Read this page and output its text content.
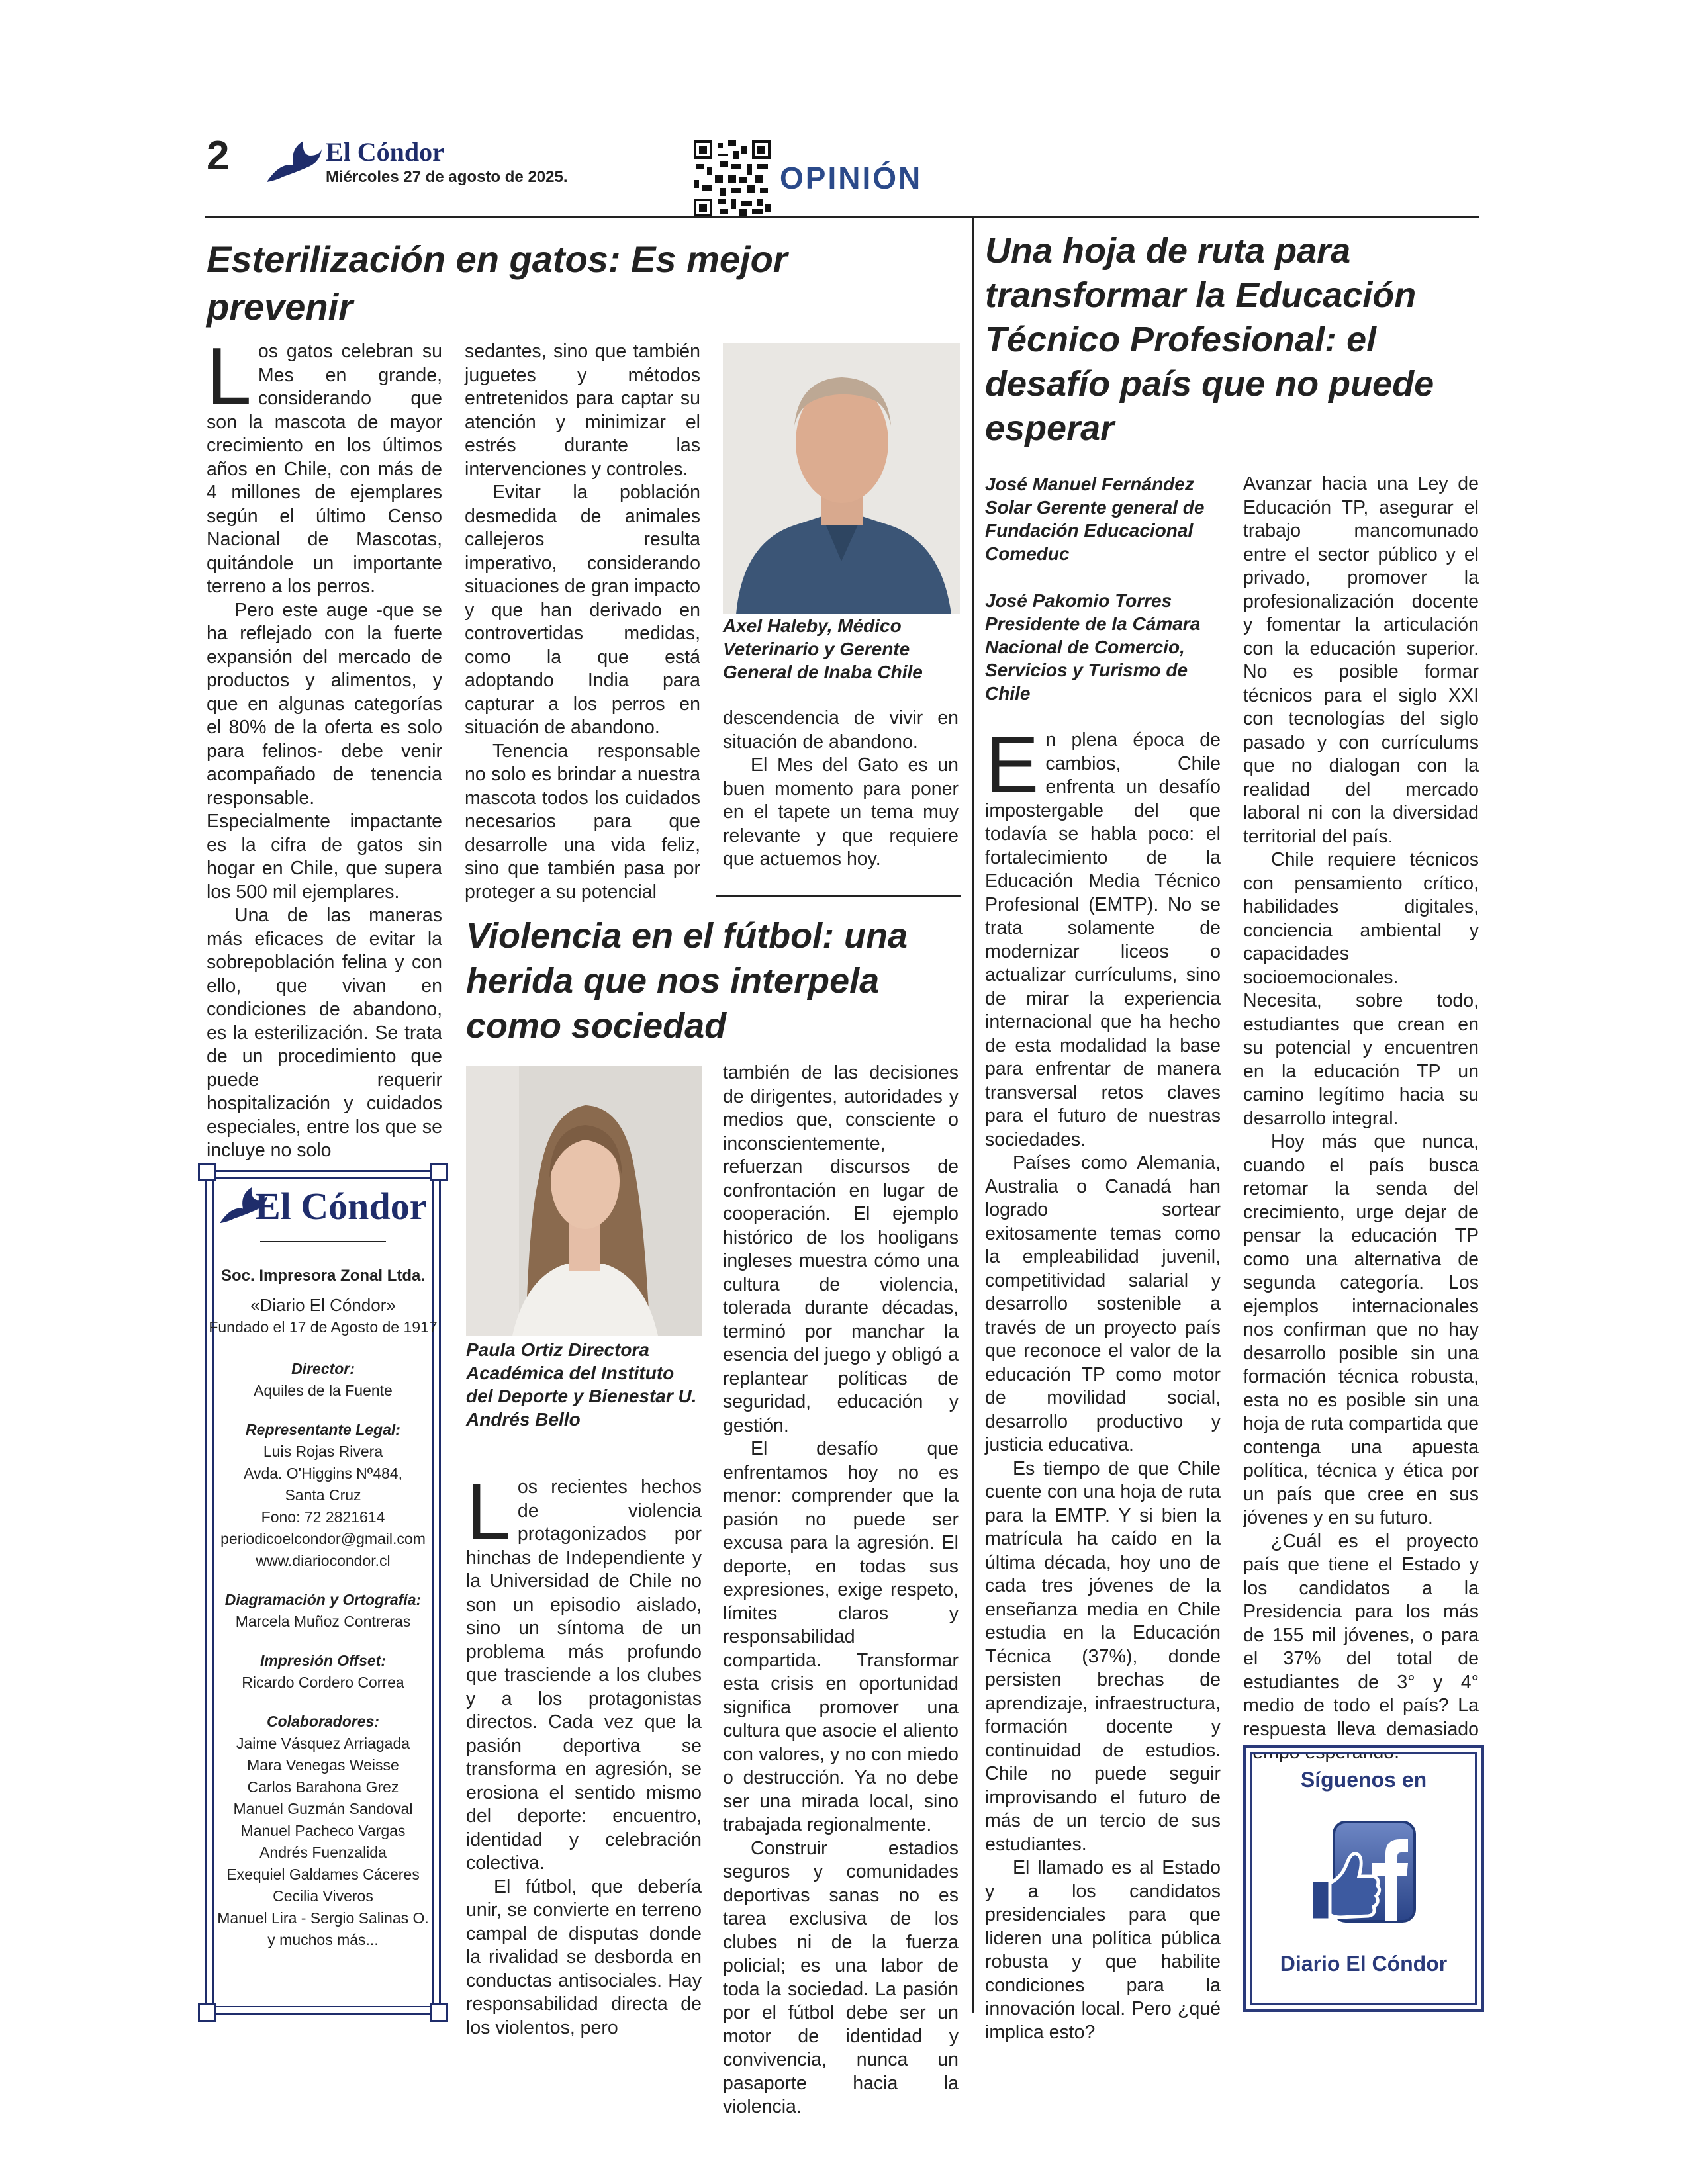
2	El Cóndor
Miércoles 27 de agosto de 2025.	OPINIÓN
Esterilización en gatos: Es mejor prevenir

Los gatos celebran su Mes en grande, considerando que son la mascota de mayor crecimiento en los últimos años en Chile, con más de 4 millones de ejemplares según el último Censo Nacional de Mascotas, quitándole un importante terreno a los perros.

Pero este auge -que se ha reflejado con la fuerte expansión del mercado de productos y alimentos, y que en algunas categorías el 80% de la oferta es solo para felinos- debe venir acompañado de tenencia responsable. Especialmente impactante es la cifra de gatos sin hogar en Chile, que supera los 500 mil ejemplares.

Una de las maneras más eficaces de evitar la sobrepoblación felina y con ello, que vivan en condiciones de abandono, es la esterilización. Se trata de un procedimiento que puede requerir hospitalización y cuidados especiales, entre los que se incluye no solo

sedantes, sino que también juguetes y métodos entretenidos para captar su atención y minimizar el estrés durante las intervenciones y controles.

Evitar la población desmedida de animales callejeros resulta imperativo, considerando situaciones de gran impacto y que han derivado en controvertidas medidas, como la que está adoptando India para capturar a los perros en situación de abandono.

Tenencia responsable no solo es brindar a nuestra mascota todos los cuidados necesarios para que desarrolle una vida feliz, sino que también pasa por proteger a su potencial

Axel Haleby, Médico Veterinario y Gerente General de Inaba Chile

descendencia de vivir en situación de abandono.

El Mes del Gato es un buen momento para poner en el tapete un tema muy relevante y que requiere que actuemos hoy.

El Cóndor
Soc. Impresora Zonal Ltda.
«Diario El Cóndor»
Fundado el 17 de Agosto de 1917
Director:
Aquiles de la Fuente
Representante Legal:
Luis Rojas Rivera
Avda. O'Higgins Nº484,
Santa Cruz
Fono: 72 2821614
periodicoelcondor@gmail.com
www.diariocondor.cl
Diagramación y Ortografía:
Marcela Muñoz Contreras
Impresión Offset:
Ricardo Cordero Correa
Colaboradores:
Jaime Vásquez Arriagada
Mara Venegas Weisse
Carlos Barahona Grez
Manuel Guzmán Sandoval
Manuel Pacheco Vargas
Andrés Fuenzalida
Exequiel Galdames Cáceres
Cecilia Viveros
Manuel Lira - Sergio Salinas O.
y muchos más...
Violencia en el fútbol: una herida que nos interpela como sociedad
Paula Ortiz Directora Académica del Instituto del Deporte y Bienestar U. Andrés Bello

Los recientes hechos de violencia protagonizados por hinchas de Independiente y la Universidad de Chile no son un episodio aislado, sino un síntoma de un problema más profundo que trasciende a los clubes y a los protagonistas directos. Cada vez que la pasión deportiva se transforma en agresión, se erosiona el sentido mismo del deporte: encuentro, identidad y celebración colectiva.

El fútbol, que debería unir, se convierte en terreno campal de disputas donde la rivalidad se desborda en conductas antisociales. Hay responsabilidad directa de los violentos, pero

también de las decisiones de dirigentes, autoridades y medios que, consciente o inconscientemente, refuerzan discursos de confrontación en lugar de cooperación. El ejemplo histórico de los hooligans ingleses muestra cómo una cultura de violencia, tolerada durante décadas, terminó por manchar la esencia del juego y obligó a replantear políticas de seguridad, educación y gestión.

El desafío que enfrentamos hoy no es menor: comprender que la pasión no puede ser excusa para la agresión. El deporte, en todas sus expresiones, exige respeto, límites claros y responsabilidad compartida. Transformar esta crisis en oportunidad significa promover una cultura que asocie el aliento con valores, y no con miedo o destrucción. Ya no debe ser una mirada local, sino trabajada regionalmente.

Construir estadios seguros y comunidades deportivas sanas no es tarea exclusiva de los clubes ni de la fuerza policial; es una labor de toda la sociedad. La pasión por el fútbol debe ser un motor de identidad y convivencia, nunca un pasaporte hacia la violencia.

Una hoja de ruta para transformar la Educación Técnico Profesional: el desafío país que no puede esperar

José Manuel Fernández Solar Gerente general de Fundación Educacional Comeduc

José Pakomio Torres Presidente de la Cámara Nacional de Comercio, Servicios y Turismo de Chile

En plena época de cambios, Chile enfrenta un desafío impostergable del que todavía se habla poco: el fortalecimiento de la Educación Media Técnico Profesional (EMTP). No se trata solamente de modernizar liceos o actualizar currículums, sino de mirar la experiencia internacional que ha hecho de esta modalidad la base para enfrentar de manera transversal retos claves para el futuro de nuestras sociedades.

Países como Alemania, Australia o Canadá han logrado sortear exitosamente temas como la empleabilidad juvenil, competitividad salarial y desarrollo sostenible a través de un proyecto país que reconoce el valor de la educación TP como motor de movilidad social, desarrollo productivo y justicia educativa.

Es tiempo de que Chile cuente con una hoja de ruta para la EMTP. Y si bien la matrícula ha caído en la última década, hoy uno de cada tres jóvenes de la enseñanza media en Chile estudia en la Educación Técnica (37%), donde persisten brechas de aprendizaje, infraestructura, formación docente y continuidad de estudios. Chile no puede seguir improvisando el futuro de más de un tercio de sus estudiantes.

El llamado es al Estado y a los candidatos presidenciales para que lideren una política pública robusta y que habilite condiciones para la innovación local. Pero ¿qué implica esto?

Avanzar hacia una Ley de Educación TP, asegurar el trabajo mancomunado entre el sector público y el privado, promover la profesionalización docente y fomentar la articulación con la educación superior. No es posible formar técnicos para el siglo XXI con tecnologías del siglo pasado y con currículums que no dialogan con la realidad del mercado laboral ni con la diversidad territorial del país.

Chile requiere técnicos con pensamiento crítico, habilidades digitales, conciencia ambiental y capacidades socioemocionales. Necesita, sobre todo, estudiantes que crean en su potencial y encuentren en la educación TP un camino legítimo hacia su desarrollo integral.

Hoy más que nunca, cuando el país busca retomar la senda del crecimiento, urge dejar de pensar la educación TP como una alternativa de segunda categoría. Los ejemplos internacionales nos confirman que no hay desarrollo posible sin una formación técnica robusta, esta no es posible sin una hoja de ruta compartida que contenga una apuesta política, técnica y ética por un país que cree en sus jóvenes y en su futuro.

¿Cuál es el proyecto país que tiene el Estado y los candidatos a la Presidencia para los más de 155 mil jóvenes, o para el 37% del total de estudiantes de 3° y 4° medio de todo el país? La respuesta lleva demasiado tiempo esperando.

Síguenos en
Diario El Cóndor
